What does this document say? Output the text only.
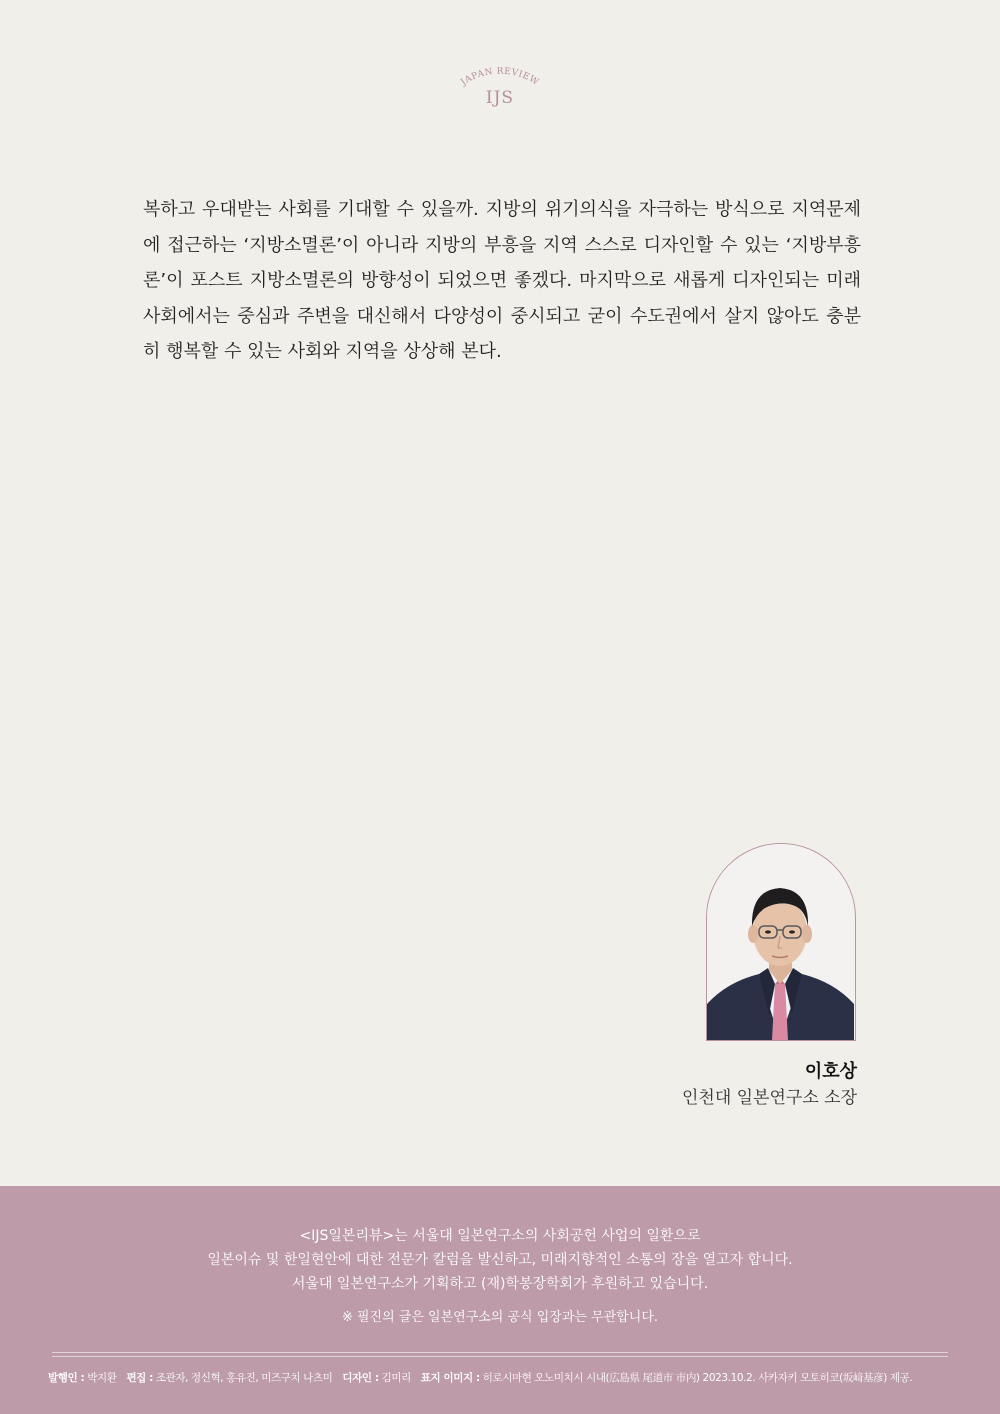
JAPAN REVIEW
IJS

복하고 우대받는 사회를 기대할 수 있을까. 지방의 위기의식을 자극하는 방식으로 지역문제

에 접근하는 ‘지방소멸론’이 아니라 지방의 부흥을 지역 스스로 디자인할 수 있는 ‘지방부흥

론’이 포스트 지방소멸론의 방향성이 되었으면 좋겠다. 마지막으로 새롭게 디자인되는 미래

사회에서는 중심과 주변을 대신해서 다양성이 중시되고 굳이 수도권에서 살지 않아도 충분

히 행복할 수 있는 사회와 지역을 상상해 본다.

이호상
인천대 일본연구소 소장

<IJS일본리뷰>는 서울대 일본연구소의 사회공헌 사업의 일환으로

일본이슈 및 한일현안에 대한 전문가 칼럼을 발신하고, 미래지향적인 소통의 장을 열고자 합니다.

서울대 일본연구소가 기획하고 (재)학봉장학회가 후원하고 있습니다.

※ 필진의 글은 일본연구소의 공식 입장과는 무관합니다.
발행인 : 박지환 편집 : 조관자, 정신혁, 홍유진, 미즈구치 나츠미 디자인 : 김미리 표지 이미지 : 히로시마현 오노미치시 시내(広島県 尾道市 市内) 2023.10.2. 사카자키 모토히코(坂﨑基彦) 제공.
